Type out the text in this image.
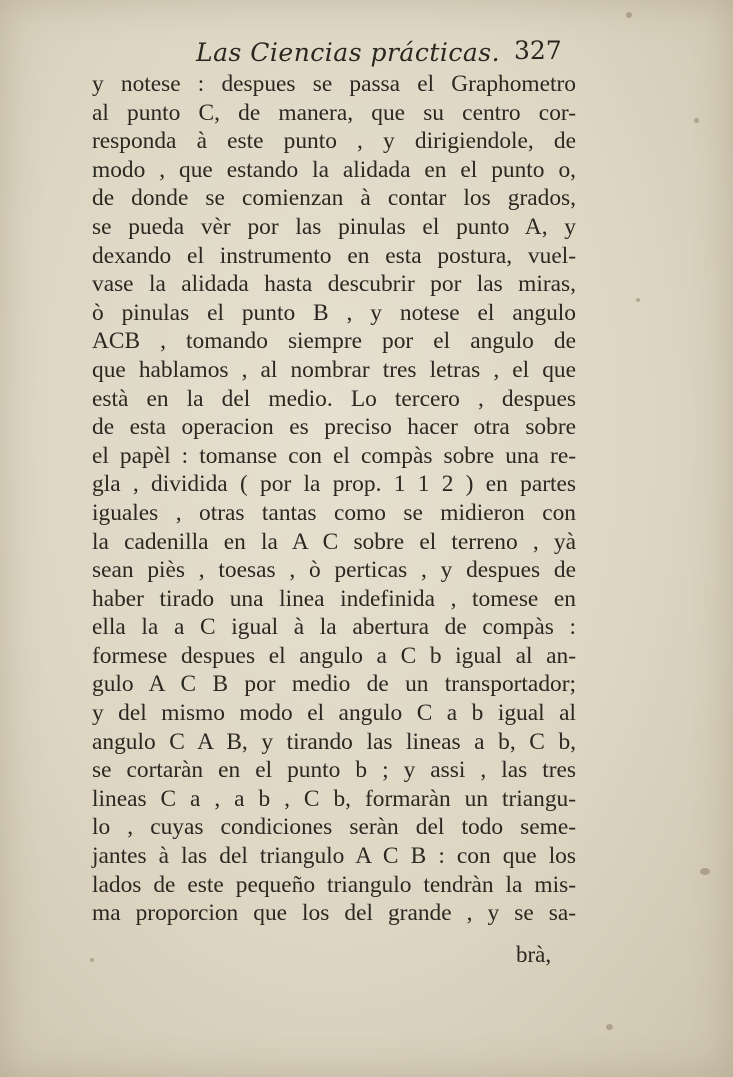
Las Ciencias prácticas. 327
y notese : despues se passa el Graphometro
al punto C, de manera, que su centro cor-
responda à este punto , y dirigiendole, de
modo , que estando la alidada en el punto o,
de donde se comienzan à contar los grados,
se pueda vèr por las pinulas el punto A, y
dexando el instrumento en esta postura, vuel-
vase la alidada hasta descubrir por las miras,
ò pinulas el punto B , y notese el angulo
ACB , tomando siempre por el angulo de
que hablamos , al nombrar tres letras , el que
està en la del medio. Lo tercero , despues
de esta operacion es preciso hacer otra sobre
el papèl : tomanse con el compàs sobre una re-
gla , dividida ( por la prop. 1 1 2 ) en partes
iguales , otras tantas como se midieron con
la cadenilla en la A C sobre el terreno , yà
sean piès , toesas , ò perticas , y despues de
haber tirado una linea indefinida , tomese en
ella la a C igual à la abertura de compàs :
formese despues el angulo a C b igual al an-
gulo A C B por medio de un transportador;
y del mismo modo el angulo C a b igual al
angulo C A B, y tirando las lineas a b, C b,
se cortaràn en el punto b ; y assi , las tres
lineas C a , a b , C b, formaràn un triangu-
lo , cuyas condiciones seràn del todo seme-
jantes à las del triangulo A C B : con que los
lados de este pequeño triangulo tendràn la mis-
ma proporcion que los del grande , y se sa-
brà,
